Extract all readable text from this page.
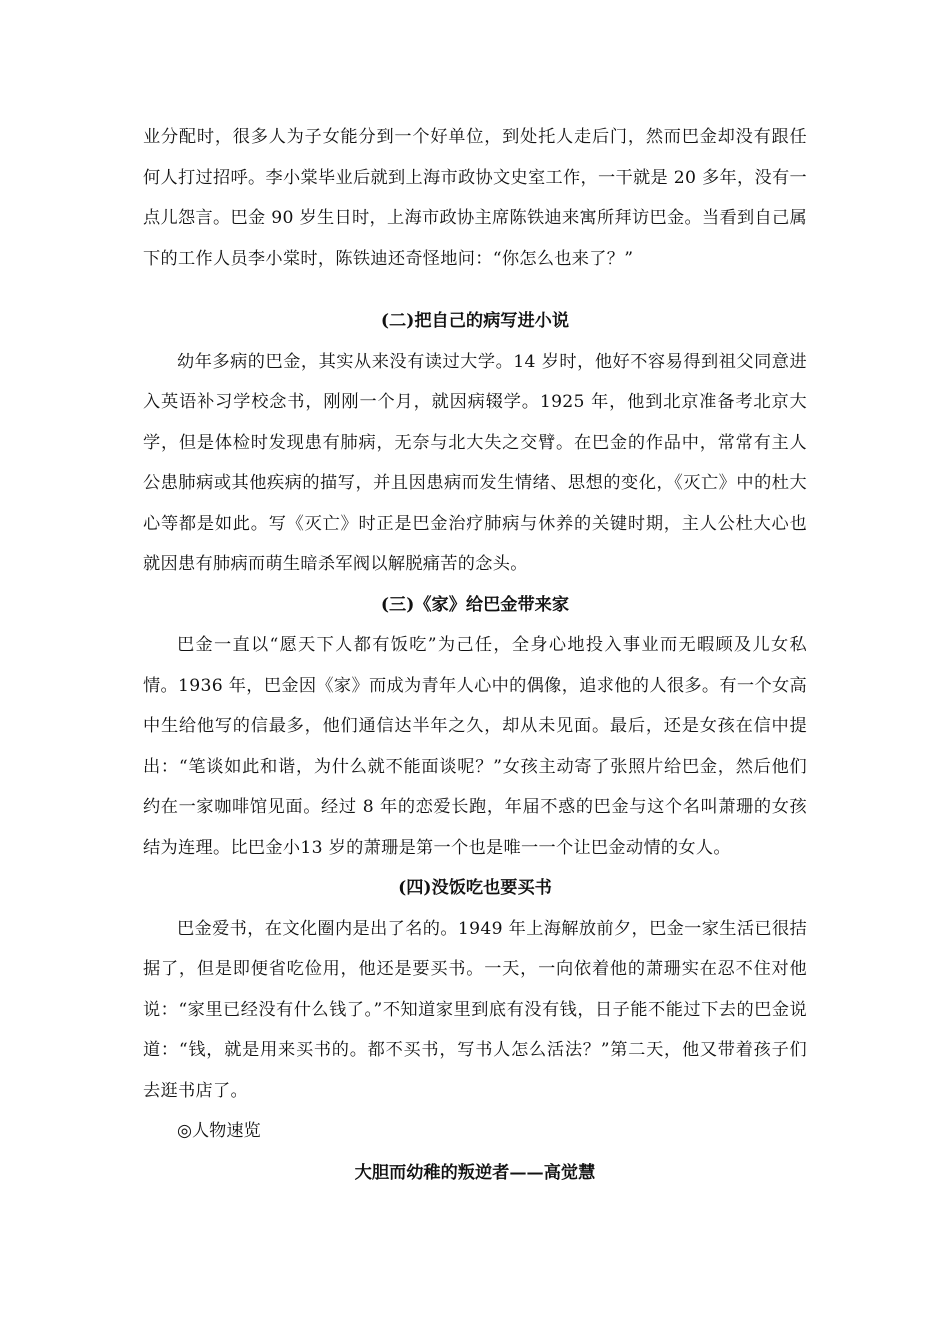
业分配时，很多人为子女能分到一个好单位，到处托人走后门，然而巴金却没有跟任何人打过招呼。李小棠毕业后就到上海市政协文史室工作，一干就是 20 多年，没有一点儿怨言。巴金 90 岁生日时，上海市政协主席陈铁迪来寓所拜访巴金。当看到自己属下的工作人员李小棠时，陈铁迪还奇怪地问：“你怎么也来了？”

(二)把自己的病写进小说

幼年多病的巴金，其实从来没有读过大学。14 岁时，他好不容易得到祖父同意进入英语补习学校念书，刚刚一个月，就因病辍学。1925 年，他到北京准备考北京大学，但是体检时发现患有肺病，无奈与北大失之交臂。在巴金的作品中，常常有主人公患肺病或其他疾病的描写，并且因患病而发生情绪、思想的变化，《灭亡》中的杜大心等都是如此。写《灭亡》时正是巴金治疗肺病与休养的关键时期，主人公杜大心也就因患有肺病而萌生暗杀军阀以解脱痛苦的念头。

(三)《家》给巴金带来家

巴金一直以“愿天下人都有饭吃”为己任，全身心地投入事业而无暇顾及儿女私情。1936 年，巴金因《家》而成为青年人心中的偶像，追求他的人很多。有一个女高中生给他写的信最多，他们通信达半年之久，却从未见面。最后，还是女孩在信中提出：“笔谈如此和谐，为什么就不能面谈呢？”女孩主动寄了张照片给巴金，然后他们约在一家咖啡馆见面。经过 8 年的恋爱长跑，年届不惑的巴金与这个名叫萧珊的女孩结为连理。比巴金小13 岁的萧珊是第一个也是唯一一个让巴金动情的女人。

(四)没饭吃也要买书

巴金爱书，在文化圈内是出了名的。1949 年上海解放前夕，巴金一家生活已很拮据了，但是即便省吃俭用，他还是要买书。一天，一向依着他的萧珊实在忍不住对他说：“家里已经没有什么钱了。”不知道家里到底有没有钱，日子能不能过下去的巴金说道：“钱，就是用来买书的。都不买书，写书人怎么活法？”第二天，他又带着孩子们去逛书店了。

◎人物速览

大胆而幼稚的叛逆者——高觉慧
